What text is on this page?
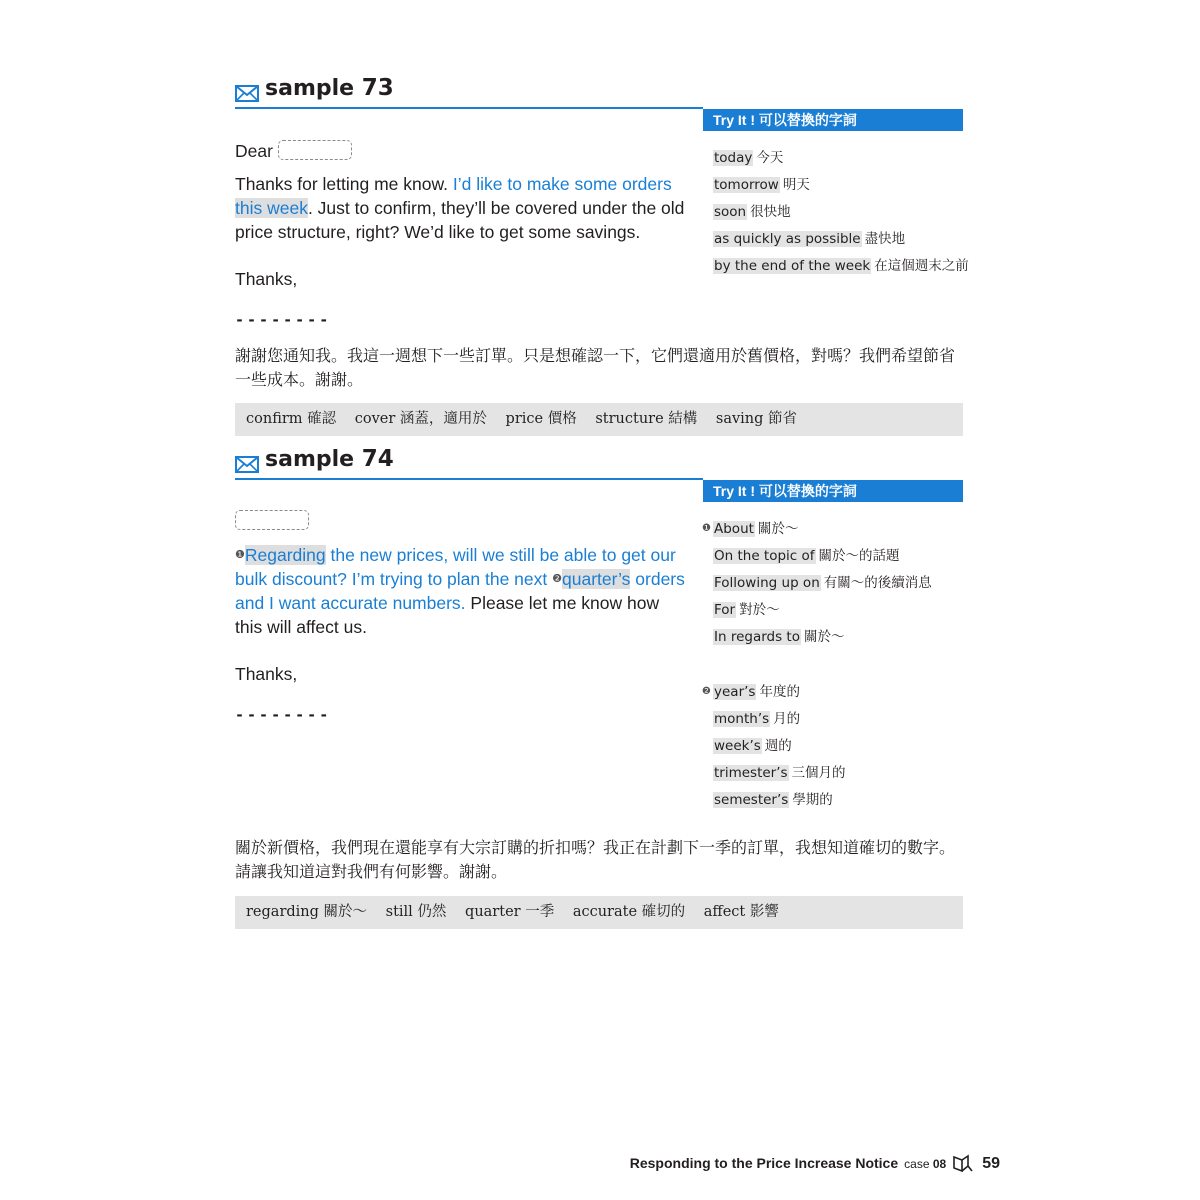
sample 73
Try It ! 可以替換的字詞
today 今天
tomorrow 明天
soon 很快地
as quickly as possible 盡快地
by the end of the week 在這個週末之前
Dear
Thanks for letting me know. I’d like to make some orders this week. Just to confirm, they’ll be covered under the old price structure, right? We’d like to get some savings.
Thanks,
--------
謝謝您通知我。我這一週想下一些訂單。只是想確認一下，它們還適用於舊價格，對嗎？我們希望節省一些成本。謝謝。
confirm 確認 cover 涵蓋，適用於 price 價格 structure 結構 saving 節省
sample 74
Try It ! 可以替換的字詞
❶ About 關於～
On the topic of 關於～的話題
Following up on 有關～的後續消息
For 對於～
In regards to 關於～
❷ year’s 年度的
month’s 月的
week’s 週的
trimester’s 三個月的
semester’s 學期的
$^❶$Regarding the new prices, will we still be able to get our bulk discount? I’m trying to plan the next $^❷$quarter’s orders and I want accurate numbers. Please let me know how this will affect us.
Thanks,
--------
關於新價格，我們現在還能享有大宗訂購的折扣嗎？我正在計劃下一季的訂單，我想知道確切的數字。請讓我知道這對我們有何影響。謝謝。
regarding 關於～ still 仍然 quarter 一季 accurate 確切的 affect 影響
Responding to the Price Increase Notice case 08 59
